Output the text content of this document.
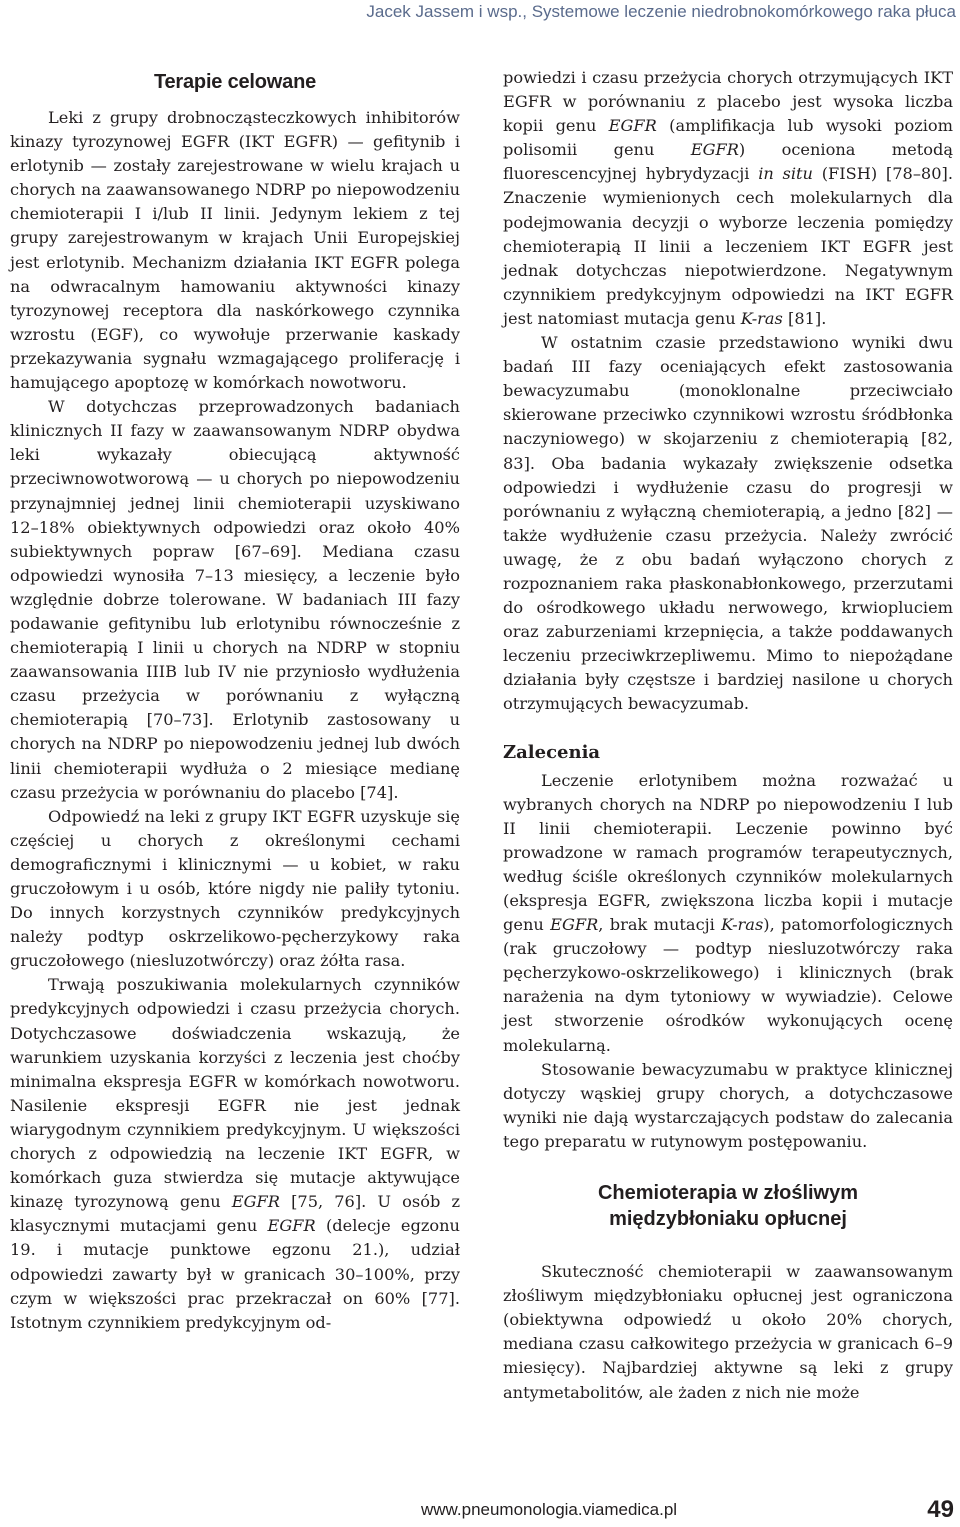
Jacek Jassem i wsp., Systemowe leczenie niedrobnokomórkowego raka płuca
Terapie celowane

Leki z grupy drobnocząsteczkowych inhibitorów kinazy tyrozynowej EGFR (IKT EGFR) — gefitynib i erlotynib — zostały zarejestrowane w wielu krajach u chorych na zaawansowanego NDRP po niepowodzeniu chemioterapii I i/lub II linii. Jedynym lekiem z tej grupy zarejestrowanym w krajach Unii Europejskiej jest erlotynib. Mechanizm działania IKT EGFR polega na odwracalnym hamowaniu aktywności kinazy tyrozynowej receptora dla naskórkowego czynnika wzrostu (EGF), co wywołuje przerwanie kaskady przekazywania sygnału wzmagającego proliferację i hamującego apoptozę w komórkach nowotworu.

W dotychczas przeprowadzonych badaniach klinicznych II fazy w zaawansowanym NDRP obydwa leki wykazały obiecującą aktywność przeciwnowotworową — u chorych po niepowodzeniu przynajmniej jednej linii chemioterapii uzyskiwano 12–18% obiektywnych odpowiedzi oraz około 40% subiektywnych popraw [67–69]. Mediana czasu odpowiedzi wynosiła 7–13 miesięcy, a leczenie było względnie dobrze tolerowane. W badaniach III fazy podawanie gefitynibu lub erlotynibu równocześnie z chemioterapią I linii u chorych na NDRP w stopniu zaawansowania IIIB lub IV nie przyniosło wydłużenia czasu przeżycia w porównaniu z wyłączną chemioterapią [70–73]. Erlotynib zastosowany u chorych na NDRP po niepowodzeniu jednej lub dwóch linii chemioterapii wydłuża o 2 miesiące medianę czasu przeżycia w porównaniu do placebo [74].

Odpowiedź na leki z grupy IKT EGFR uzyskuje się częściej u chorych z określonymi cechami demograficznymi i klinicznymi — u kobiet, w raku gruczołowym i u osób, które nigdy nie paliły tytoniu. Do innych korzystnych czynników predykcyjnych należy podtyp oskrzelikowo-pęcherzykowy raka gruczołowego (niesluzotwórczy) oraz żółta rasa.

Trwają poszukiwania molekularnych czynników predykcyjnych odpowiedzi i czasu przeżycia chorych. Dotychczasowe doświadczenia wskazują, że warunkiem uzyskania korzyści z leczenia jest choćby minimalna ekspresja EGFR w komórkach nowotworu. Nasilenie ekspresji EGFR nie jest jednak wiarygodnym czynnikiem predykcyjnym. U większości chorych z odpowiedzią na leczenie IKT EGFR, w komórkach guza stwierdza się mutacje aktywujące kinazę tyrozynową genu EGFR [75, 76]. U osób z klasycznymi mutacjami genu EGFR (delecje egzonu 19. i mutacje punktowe egzonu 21.), udział odpowiedzi zawarty był w granicach 30–100%, przy czym w większości prac przekraczał on 60% [77]. Istotnym czynnikiem predykcyjnym od-

powiedzi i czasu przeżycia chorych otrzymujących IKT EGFR w porównaniu z placebo jest wysoka liczba kopii genu EGFR (amplifikacja lub wysoki poziom polisomii genu EGFR) oceniona metodą fluorescencyjnej hybrydyzacji in situ (FISH) [78–80]. Znaczenie wymienionych cech molekularnych dla podejmowania decyzji o wyborze leczenia pomiędzy chemioterapią II linii a leczeniem IKT EGFR jest jednak dotychczas niepotwierdzone. Negatywnym czynnikiem predykcyjnym odpowiedzi na IKT EGFR jest natomiast mutacja genu K-ras [81].

W ostatnim czasie przedstawiono wyniki dwu badań III fazy oceniających efekt zastosowania bewacyzumabu (monoklonalne przeciwciało skierowane przeciwko czynnikowi wzrostu śródbłonka naczyniowego) w skojarzeniu z chemioterapią [82, 83]. Oba badania wykazały zwiększenie odsetka odpowiedzi i wydłużenie czasu do progresji w porównaniu z wyłączną chemioterapią, a jedno [82] — także wydłużenie czasu przeżycia. Należy zwrócić uwagę, że z obu badań wyłączono chorych z rozpoznaniem raka płaskonabłonkowego, przerzutami do ośrodkowego układu nerwowego, krwiopluciem oraz zaburzeniami krzepnięcia, a także poddawanych leczeniu przeciwkrzepliwemu. Mimo to niepożądane działania były częstsze i bardziej nasilone u chorych otrzymujących bewacyzumab.

Zalecenia

Leczenie erlotynibem można rozważać u wybranych chorych na NDRP po niepowodzeniu I lub II linii chemioterapii. Leczenie powinno być prowadzone w ramach programów terapeutycznych, według ściśle określonych czynników molekularnych (ekspresja EGFR, zwiększona liczba kopii i mutacje genu EGFR, brak mutacji K-ras), patomorfologicznych (rak gruczołowy — podtyp niesluzotwórczy raka pęcherzykowo-oskrzelikowego) i klinicznych (brak narażenia na dym tytoniowy w wywiadzie). Celowe jest stworzenie ośrodków wykonujących ocenę molekularną.

Stosowanie bewacyzumabu w praktyce klinicznej dotyczy wąskiej grupy chorych, a dotychczasowe wyniki nie dają wystarczających podstaw do zalecania tego preparatu w rutynowym postępowaniu.

Chemioterapia w złośliwym
międzybłoniaku opłucnej

Skuteczność chemioterapii w zaawansowanym złośliwym międzybłoniaku opłucnej jest ograniczona (obiektywna odpowiedź u około 20% chorych, mediana czasu całkowitego przeżycia w granicach 6–9 miesięcy). Najbardziej aktywne są leki z grupy antymetabolitów, ale żaden z nich nie może

www.pneumonologia.viamedica.pl	49
